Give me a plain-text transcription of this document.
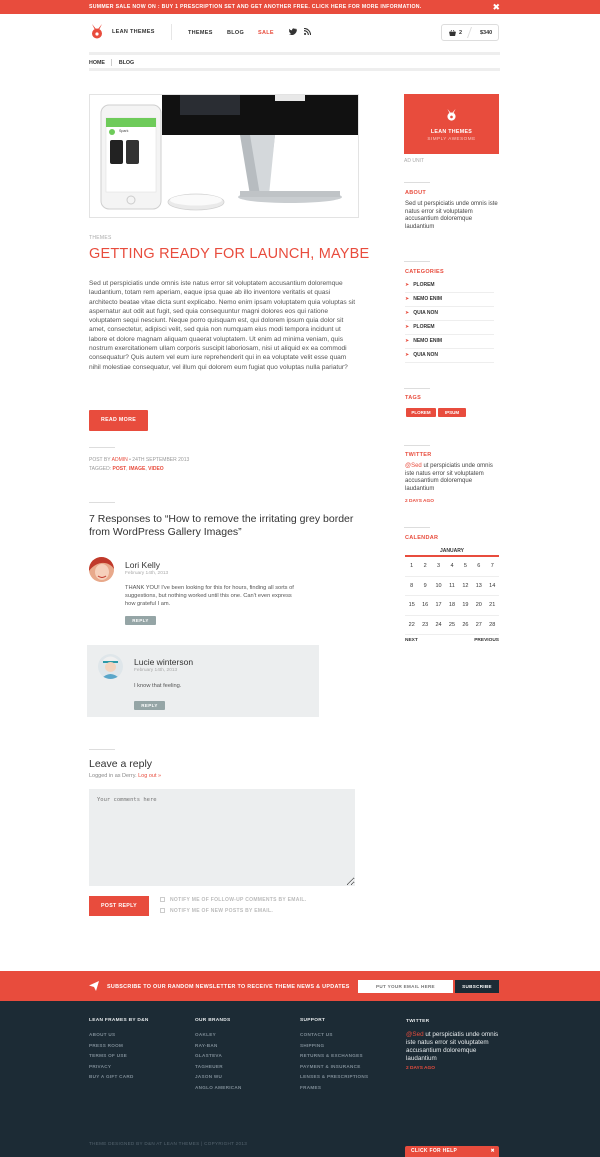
SUMMER SALE NOW ON : BUY 1 PRESCRIPTION SET AND GET ANOTHER FREE. CLICK HERE FOR MORE INFORMATION.	✖
LEAN THEMES	THEMES	BLOG	SALE	2	$340
HOME	BLOG
Spark
THEMES
GETTING READY FOR LAUNCH, MAYBE

Sed ut perspiciatis unde omnis iste natus error sit voluptatem accusantium doloremque laudantium, totam rem aperiam, eaque ipsa quae ab illo inventore veritatis et quasi architecto beatae vitae dicta sunt explicabo. Nemo enim ipsam voluptatem quia voluptas sit aspernatur aut odit aut fugit, sed quia consequuntur magni dolores eos qui ratione voluptatem sequi nesciunt. Neque porro quisquam est, qui dolorem ipsum quia dolor sit amet, consectetur, adipisci velit, sed quia non numquam eius modi tempora incidunt ut labore et dolore magnam aliquam quaerat voluptatem. Ut enim ad minima veniam, quis nostrum exercitationem ullam corporis suscipit laboriosam, nisi ut aliquid ex ea commodi consequatur? Quis autem vel eum iure reprehenderit qui in ea voluptate velit esse quam nihil molestiae consequatur, vel illum qui dolorem eum fugiat quo voluptas nulla pariatur?

READ MORE
POST BY ADMIN • 24TH SEPTEMBER 2013
TAGGED: POST, IMAGE, VIDEO
7 Responses to “How to remove the irritating grey border from WordPress Gallery Images”
Lori Kelly
February 14th, 2013
THANK YOU! I've been looking for this for hours, finding all sorts of suggestions, but nothing worked until this one. Can't even express how grateful I am.
REPLY
Lucie winterson
February 14th, 2013
I know that feeling.
REPLY
Leave a reply
Logged in as Derry. Log out »
Your comments here
POST REPLY
NOTIFY ME OF FOLLOW-UP COMMENTS BY EMAIL.
NOTIFY ME OF NEW POSTS BY EMAIL.
LEAN THEMES
SIMPLY AWESOME
AD UNIT
ABOUT
Sed ut perspiciatis unde omnis iste natus error sit voluptatem accusantium doloremque laudantium
CATEGORIES
➤ PLOREM
➤ NEMO ENIM
➤ QUIA NON
➤ PLOREM
➤ NEMO ENIM
➤ QUIA NON
TAGS
PLOREM	IPSUM
TWITTER
@Sed ut perspiciatis unde omnis iste natus error sit voluptatem accusantium doloremque laudantium
2 DAYS AGO
CALENDAR
JANUARY
1	2	3	4	5	6	7
8	9	10	11	12	13	14
15	16	17	18	19	20	21
22	23	24	25	26	27	28
NEXT	PREVIOUS
SUBSCRIBE TO OUR RANDOM NEWSLETTER TO RECEIVE THEME NEWS & UPDATES
PUT YOUR EMAIL HERE	SUBSCRIBE
LEAN FRAMES BY D&N
ABOUT US
PRESS ROOM
TERMS OF USE
PRIVACY
BUY A GIFT CARD
OUR BRANDS
OAKLEY
RAY-BAN
GLASTEVA
TAGHEUER
JASON WU
ANGLO AMERICAN
SUPPORT
CONTACT US
SHIPPING
RETURNS & EXCHANGES
PAYMENT & INSURANCE
LENSES & PRESCRIPTIONS
FRAMES
TWITTER
@Sed ut perspiciatis unde omnis iste natus error sit voluptatem accusantium doloremque laudantium
2 DAYS AGO
THEME DESIGNED BY D&N AT LEAN THEMES | COPYRIGHT 2013
CLICK FOR HELP	✖
